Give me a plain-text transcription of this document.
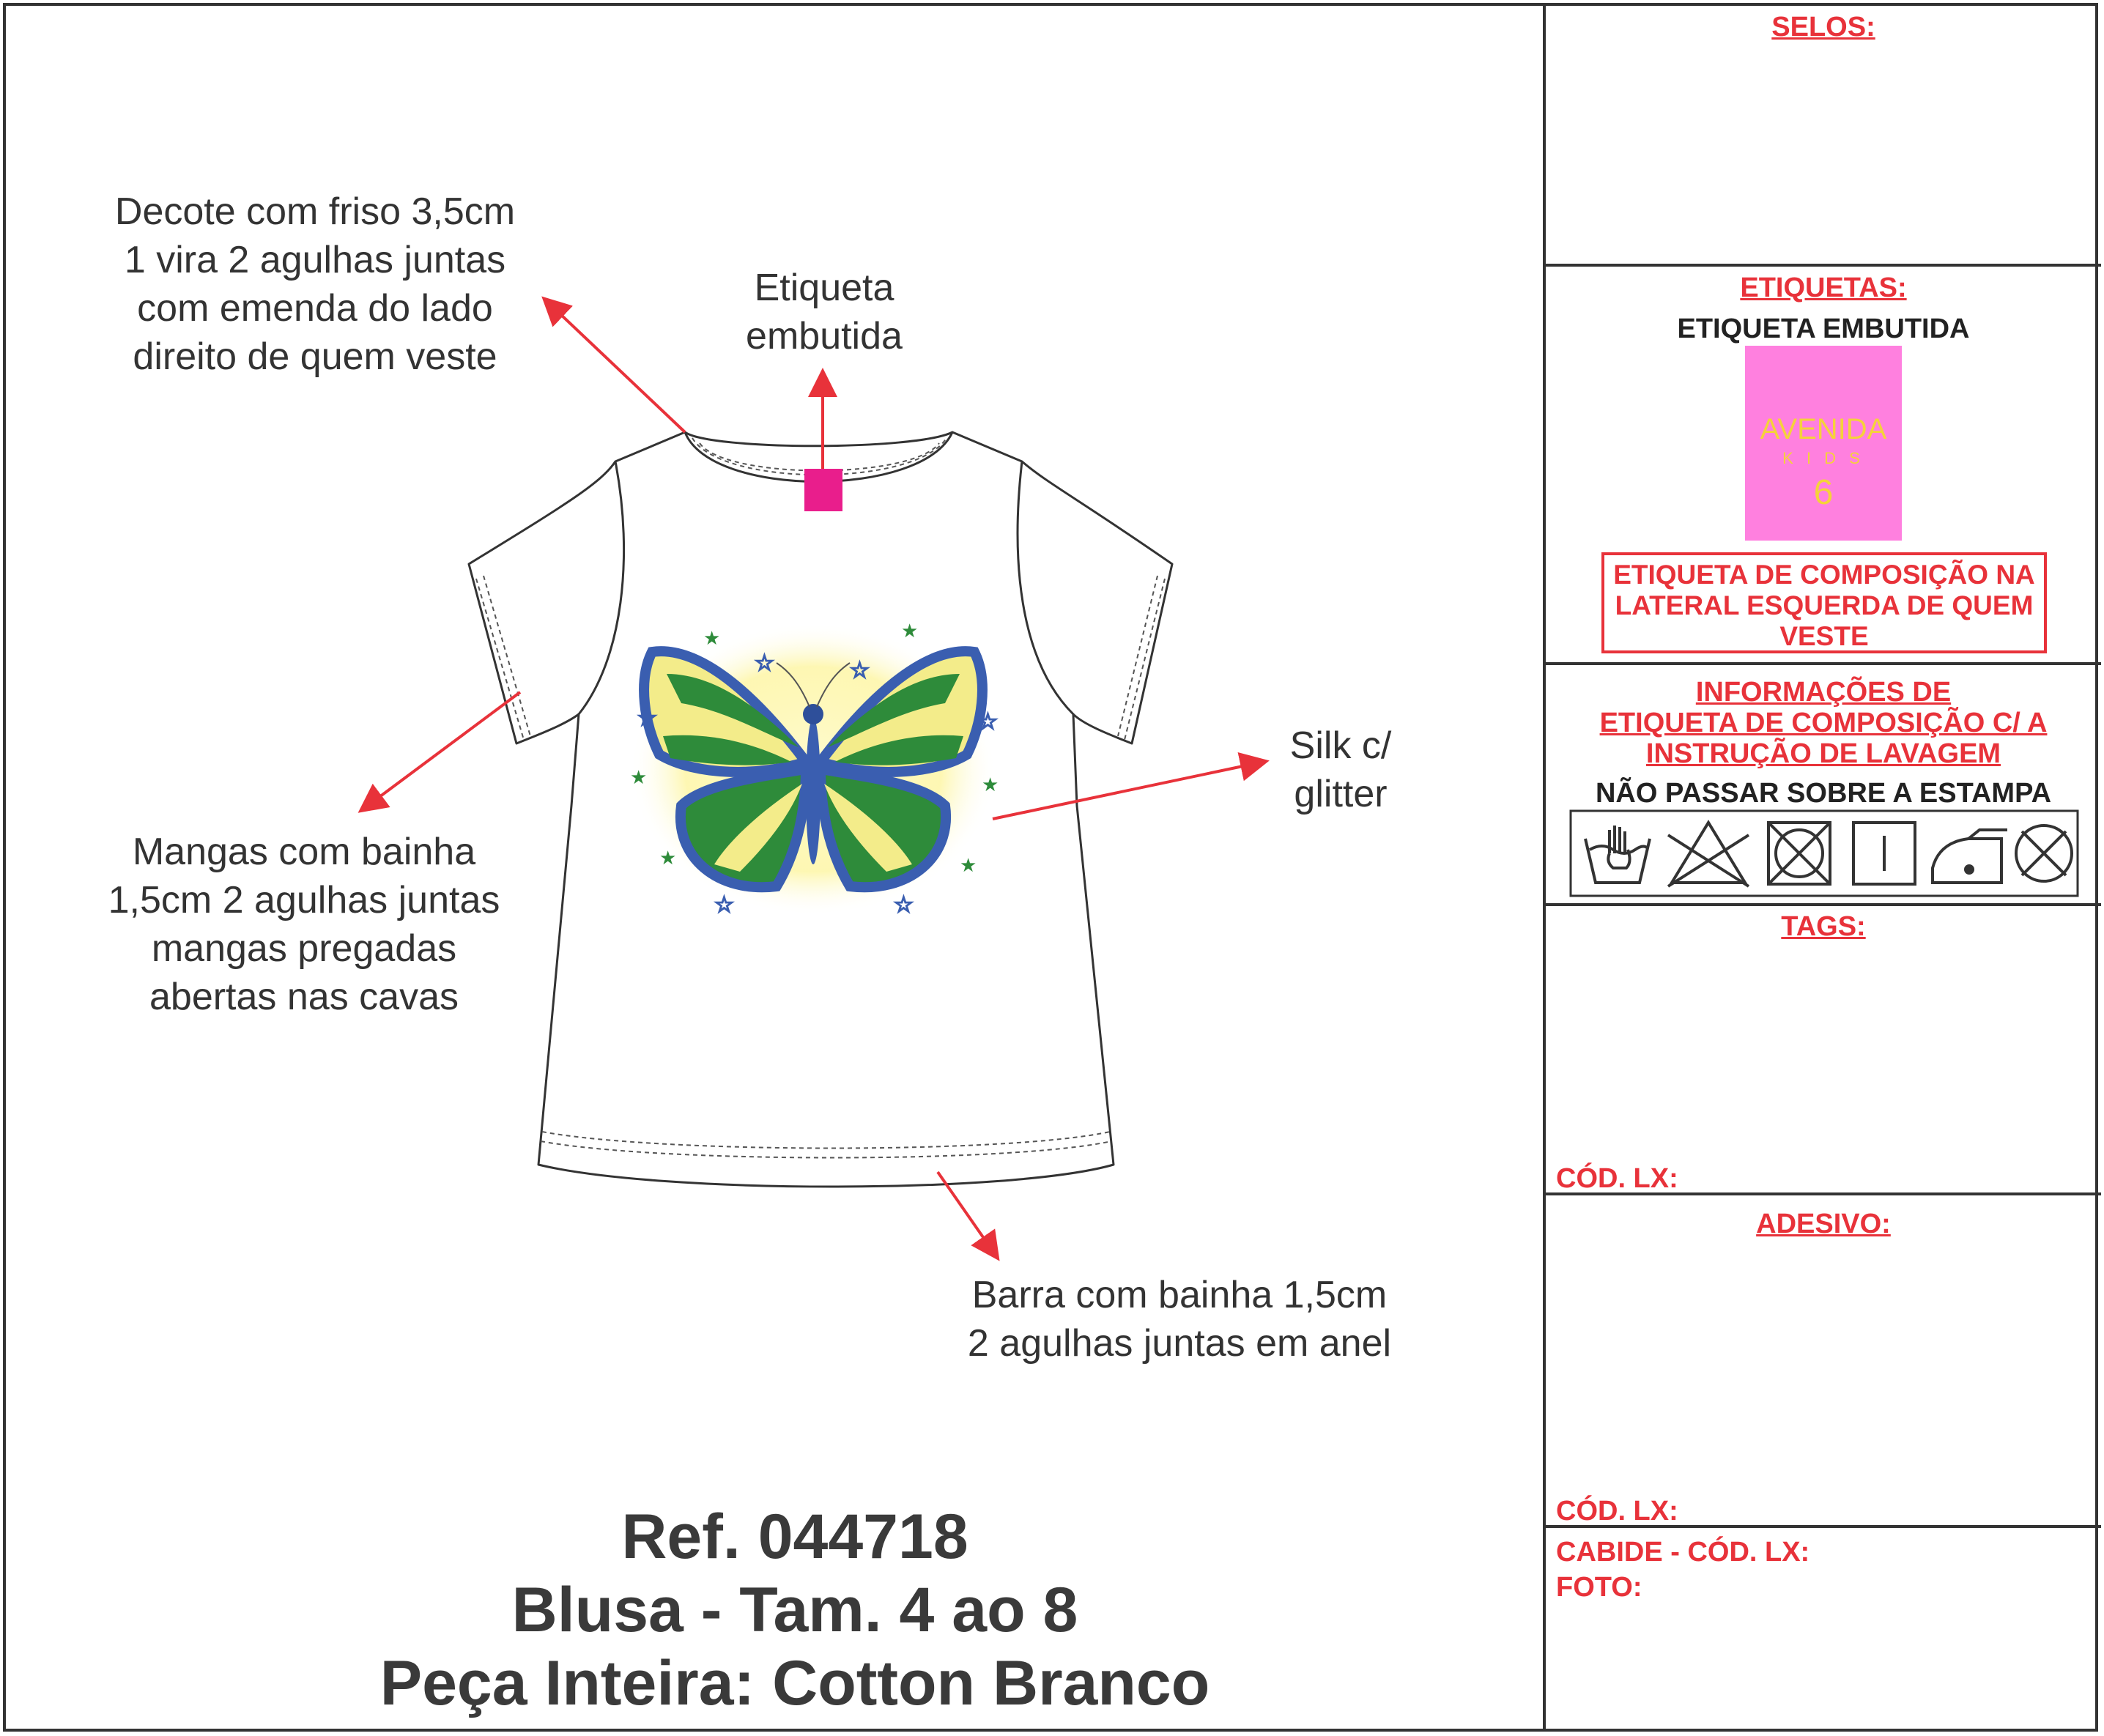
★	★
★	★
★	★
☆	☆
☆	☆
☆	☆
Decote com friso 3,5cm
1 vira 2 agulhas juntas
com emenda do lado
direito de quem veste
Etiqueta
embutida
Mangas com bainha
1,5cm 2 agulhas juntas
mangas pregadas
abertas nas cavas
Silk c/
glitter
Barra com bainha 1,5cm
2 agulhas juntas em anel
Ref. 044718
Blusa - Tam. 4 ao 8
Peça Inteira: Cotton Branco
SELOS:
ETIQUETAS:
ETIQUETA EMBUTIDA
AVENIDA
K I D S
6
ETIQUETA DE COMPOSIÇÃO NA
LATERAL ESQUERDA DE QUEM
VESTE
INFORMAÇÕES DE
ETIQUETA DE COMPOSIÇÃO C/ A
INSTRUÇÃO DE LAVAGEM
NÃO PASSAR SOBRE A ESTAMPA
TAGS:
CÓD. LX:
ADESIVO:
CÓD. LX:
CABIDE - CÓD. LX:
FOTO:
